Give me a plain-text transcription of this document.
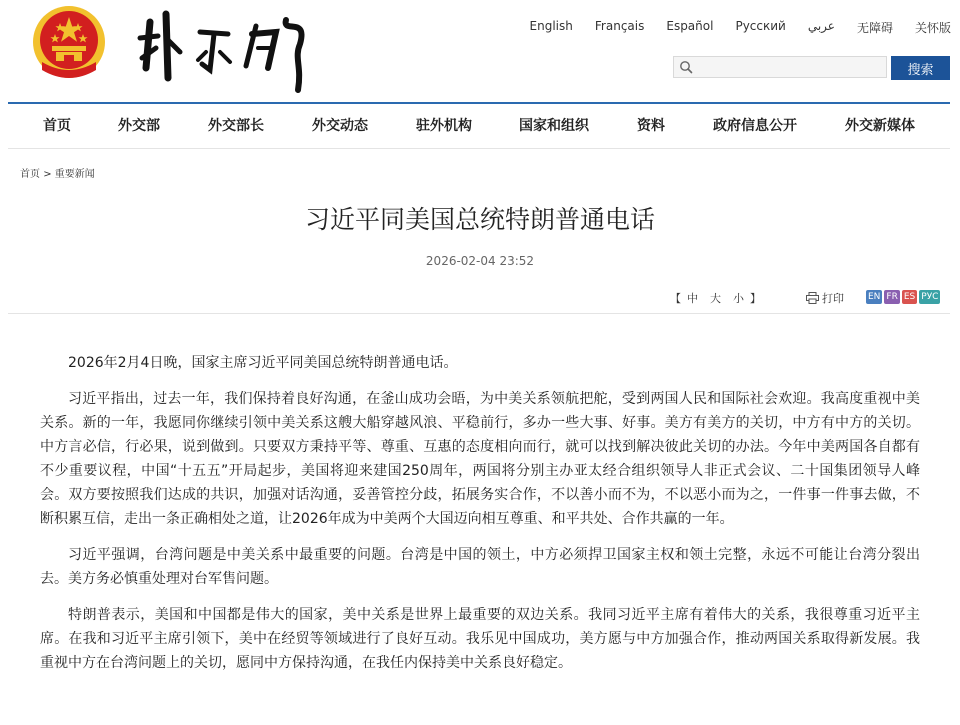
English Français Español Русский عربي 无障碍 关怀版
搜索
首页	外交部	外交部长	外交动态	驻外机构	国家和组织	资料	政府信息公开	外交新媒体
首页 > 重要新闻
习近平同美国总统特朗普通电话
2026-02-04 23:52
【 中 大 小 】	打印	EN FR ES РУС

2026年2月4日晚，国家主席习近平同美国总统特朗普通电话。

习近平指出，过去一年，我们保持着良好沟通，在釜山成功会晤，为中美关系领航把舵，受到两国人民和国际社会欢迎。我高度重视中美关系。新的一年，我愿同你继续引领中美关系这艘大船穿越风浪、平稳前行，多办一些大事、好事。美方有美方的关切，中方有中方的关切。中方言必信，行必果，说到做到。只要双方秉持平等、尊重、互惠的态度相向而行，就可以找到解决彼此关切的办法。今年中美两国各自都有不少重要议程，中国“十五五”开局起步，美国将迎来建国250周年，两国将分别主办亚太经合组织领导人非正式会议、二十国集团领导人峰会。双方要按照我们达成的共识，加强对话沟通，妥善管控分歧，拓展务实合作，不以善小而不为，不以恶小而为之，一件事一件事去做，不断积累互信，走出一条正确相处之道，让2026年成为中美两个大国迈向相互尊重、和平共处、合作共赢的一年。

习近平强调，台湾问题是中美关系中最重要的问题。台湾是中国的领土，中方必须捍卫国家主权和领土完整，永远不可能让台湾分裂出去。美方务必慎重处理对台军售问题。

特朗普表示，美国和中国都是伟大的国家，美中关系是世界上最重要的双边关系。我同习近平主席有着伟大的关系，我很尊重习近平主席。在我和习近平主席引领下，美中在经贸等领域进行了良好互动。我乐见中国成功，美方愿与中方加强合作，推动两国关系取得新发展。我重视中方在台湾问题上的关切，愿同中方保持沟通，在我任内保持美中关系良好稳定。
